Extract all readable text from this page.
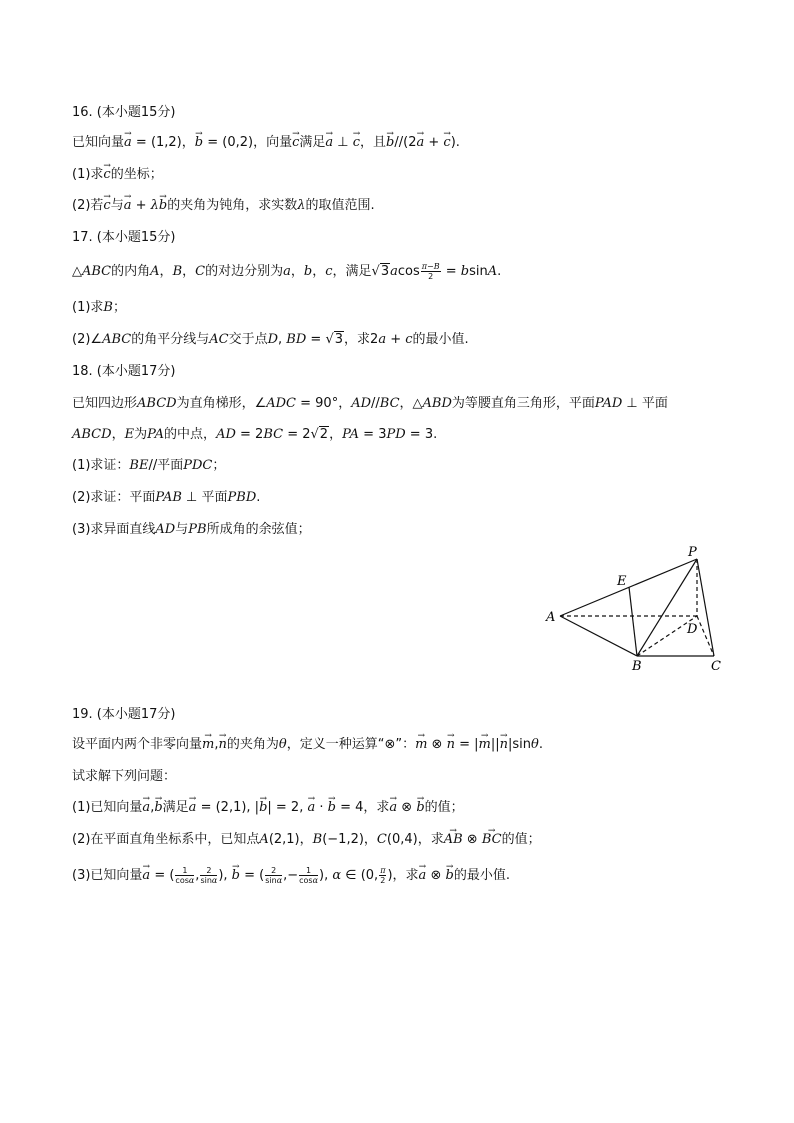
16. (本小题15分)
已知向量→ a = (1,2)，→ b = (0,2)，向量→ c满足→ a ⊥ → c，且→ b//(2→ a + → c).
(1)求→ c的坐标；
(2)若→ c与→ a + λ→ b的夹角为钝角，求实数λ的取值范围.
17. (本小题15分)
△ABC的内角A，B，C的对边分别为a，b，c，满足$√3acos \frac{\pi-B}{2} = bsinA$.
(1)求B；
(2)∠ABC的角平分线与AC交于点D, BD = √3，求2a + c的最小值.
18. (本小题17分)
已知四边形ABCD为直角梯形，∠ADC = 90°，AD//BC，△ABD为等腰直角三角形，平面PAD ⊥ 平面
ABCD，E为PA的中点，AD = 2BC = 2√2，PA = 3PD = 3.
(1)求证：BE//平面PDC；
(2)求证：平面PAB ⊥ 平面PBD.
(3)求异面直线AD与PB所成角的余弦值；
P
E
A
D
B	C
19. (本小题17分)
设平面内两个非零向量→ m,→ n的夹角为θ，定义一种运算“⊗”：→ m ⊗ → n = |→ m||→ n|sinθ.
试求解下列问题：
(1)已知向量→ a,→ b满足→ a = (2,1), |→ b| = 2, → a · → b = 4，求→ a ⊗ → b的值；
(2)在平面直角坐标系中，已知点A(2,1)，B(−1,2)，C(0,4)，求→ AB ⊗ → BC的值；
(3)已知向量→ a = ( $\frac{1}{\cos\alpha}$ , $\frac{2}{\sin\alpha}$ ), → b = ( $\frac{2}{\sin\alpha}$ ,− $\frac{1}{\cos\alpha}$ ), α ∈ (0, $\frac{\pi}{2}$ )，求→ a ⊗ → b的最小值.
